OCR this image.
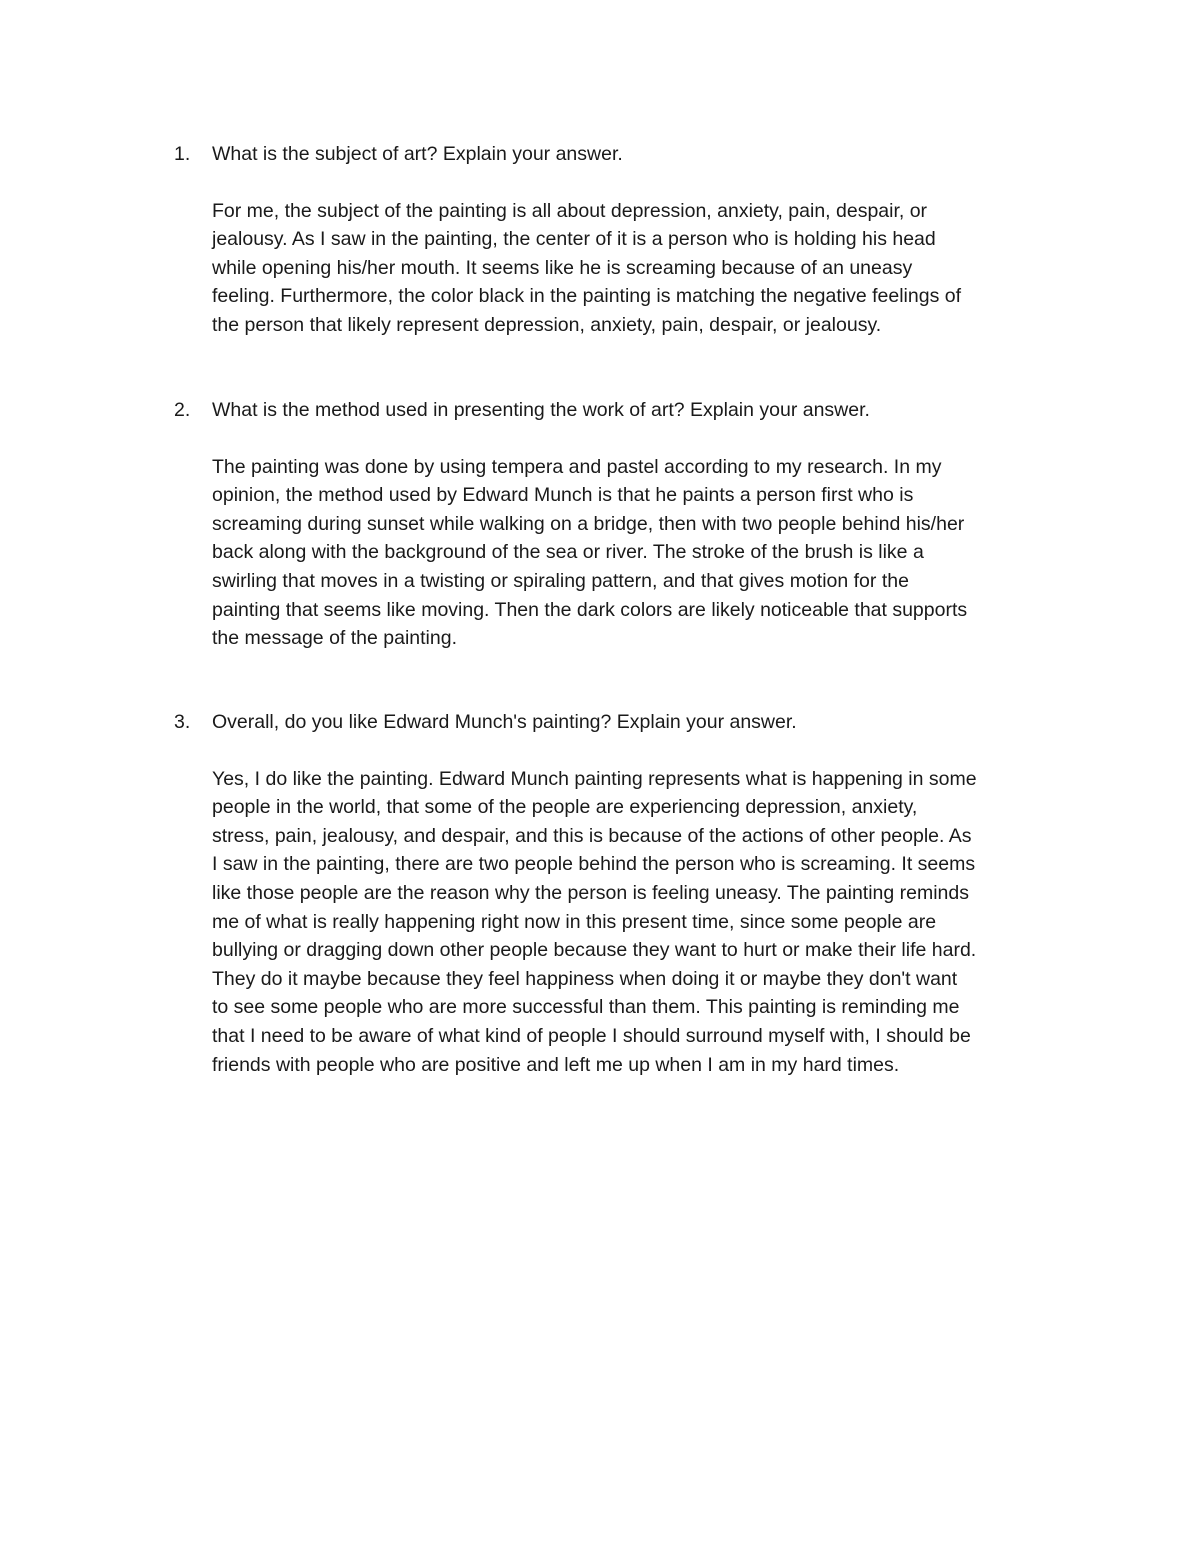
1.	What is the subject of art? Explain your answer.
For me, the subject of the painting is all about depression, anxiety, pain, despair, or
jealousy. As I saw in the painting, the center of it is a person who is holding his head
while opening his/her mouth. It seems like he is screaming because of an uneasy
feeling. Furthermore, the color black in the painting is matching the negative feelings of
the person that likely represent depression, anxiety, pain, despair, or jealousy.
2.	What is the method used in presenting the work of art? Explain your answer.
The painting was done by using tempera and pastel according to my research. In my
opinion, the method used by Edward Munch is that he paints a person first who is
screaming during sunset while walking on a bridge, then with two people behind his/her
back along with the background of the sea or river. The stroke of the brush is like a
swirling that moves in a twisting or spiraling pattern, and that gives motion for the
painting that seems like moving. Then the dark colors are likely noticeable that supports
the message of the painting.
3.	Overall, do you like Edward Munch's painting? Explain your answer.
Yes, I do like the painting. Edward Munch painting represents what is happening in some
people in the world, that some of the people are experiencing depression, anxiety,
stress, pain, jealousy, and despair, and this is because of the actions of other people. As
I saw in the painting, there are two people behind the person who is screaming. It seems
like those people are the reason why the person is feeling uneasy. The painting reminds
me of what is really happening right now in this present time, since some people are
bullying or dragging down other people because they want to hurt or make their life hard.
They do it maybe because they feel happiness when doing it or maybe they don't want
to see some people who are more successful than them. This painting is reminding me
that I need to be aware of what kind of people I should surround myself with, I should be
friends with people who are positive and left me up when I am in my hard times.
